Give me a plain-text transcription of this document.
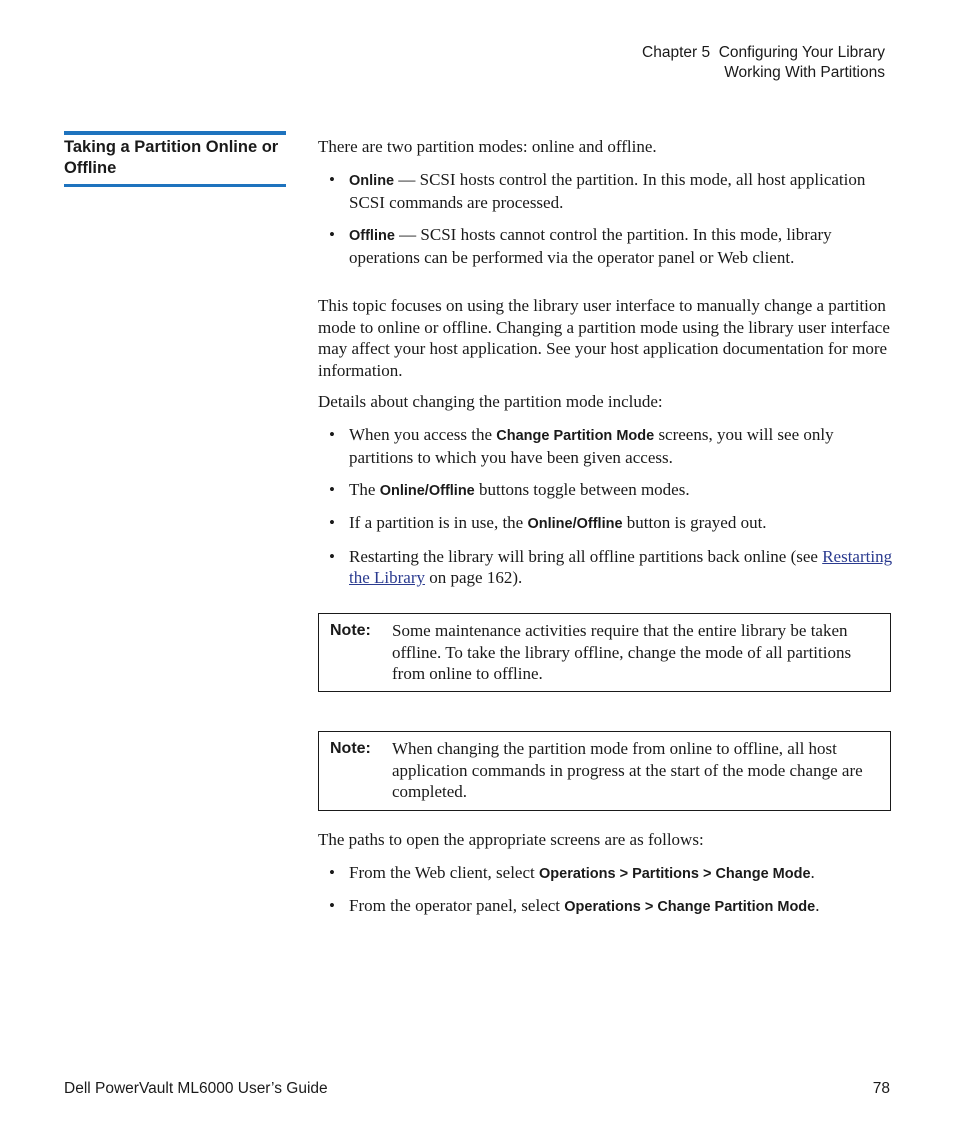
Chapter 5  Configuring Your Library
Working With Partitions
Taking a Partition Online or Offline

There are two partition modes: online and offline.

• Online — SCSI hosts control the partition. In this mode, all host application SCSI commands are processed.
• Offline — SCSI hosts cannot control the partition. In this mode, library operations can be performed via the operator panel or Web client.

This topic focuses on using the library user interface to manually change a partition mode to online or offline. Changing a partition mode using the library user interface may affect your host application. See your host application documentation for more information.

Details about changing the partition mode include:

• When you access the Change Partition Mode screens, you will see only partitions to which you have been given access.
• The Online/Offline buttons toggle between modes.
• If a partition is in use, the Online/Offline button is grayed out.
• Restarting the library will bring all offline partitions back online (see Restarting the Library on page 162).
Note: Some maintenance activities require that the entire library be taken offline. To take the library offline, change the mode of all partitions from online to offline.
Note: When changing the partition mode from online to offline, all host application commands in progress at the start of the mode change are completed.

The paths to open the appropriate screens are as follows:

• From the Web client, select Operations > Partitions > Change Mode.
• From the operator panel, select Operations > Change Partition Mode.
Dell PowerVault ML6000 User’s Guide	78
